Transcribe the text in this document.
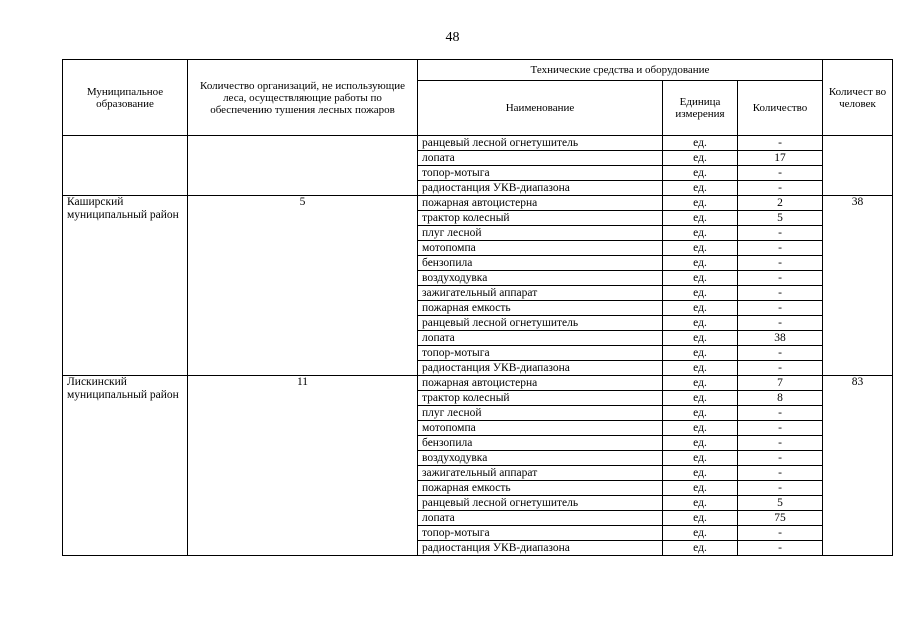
48
Муниципальное образование	Количество организаций, не использующие леса, осуществляющие работы по обеспечению тушения лесных пожаров	Технические средства и оборудование			Количест во человек
		Наименование	Единица измерения	Количество	
		ранцевый лесной огнетушитель	ед.	-	
		лопата	ед.	17	
		топор-мотыга	ед.	-	
		радиостанция УКВ-диапазона	ед.	-	
Каширский муниципальный район	5	пожарная автоцистерна	ед.	2	38
		трактор колесный	ед.	5	
		плуг лесной	ед.	-	
		мотопомпа	ед.	-	
		бензопила	ед.	-	
		воздуходувка	ед.	-	
		зажигательный аппарат	ед.	-	
		пожарная емкость	ед.	-	
		ранцевый лесной огнетушитель	ед.	-	
		лопата	ед.	38	
		топор-мотыга	ед.	-	
		радиостанция УКВ-диапазона	ед.	-	
Лискинский муниципальный район	11	пожарная автоцистерна	ед.	7	83
		трактор колесный	ед.	8	
		плуг лесной	ед.	-	
		мотопомпа	ед.	-	
		бензопила	ед.	-	
		воздуходувка	ед.	-	
		зажигательный аппарат	ед.	-	
		пожарная емкость	ед.	-	
		ранцевый лесной огнетушитель	ед.	5	
		лопата	ед.	75	
		топор-мотыга	ед.	-	
		радиостанция УКВ-диапазона	ед.	-	
